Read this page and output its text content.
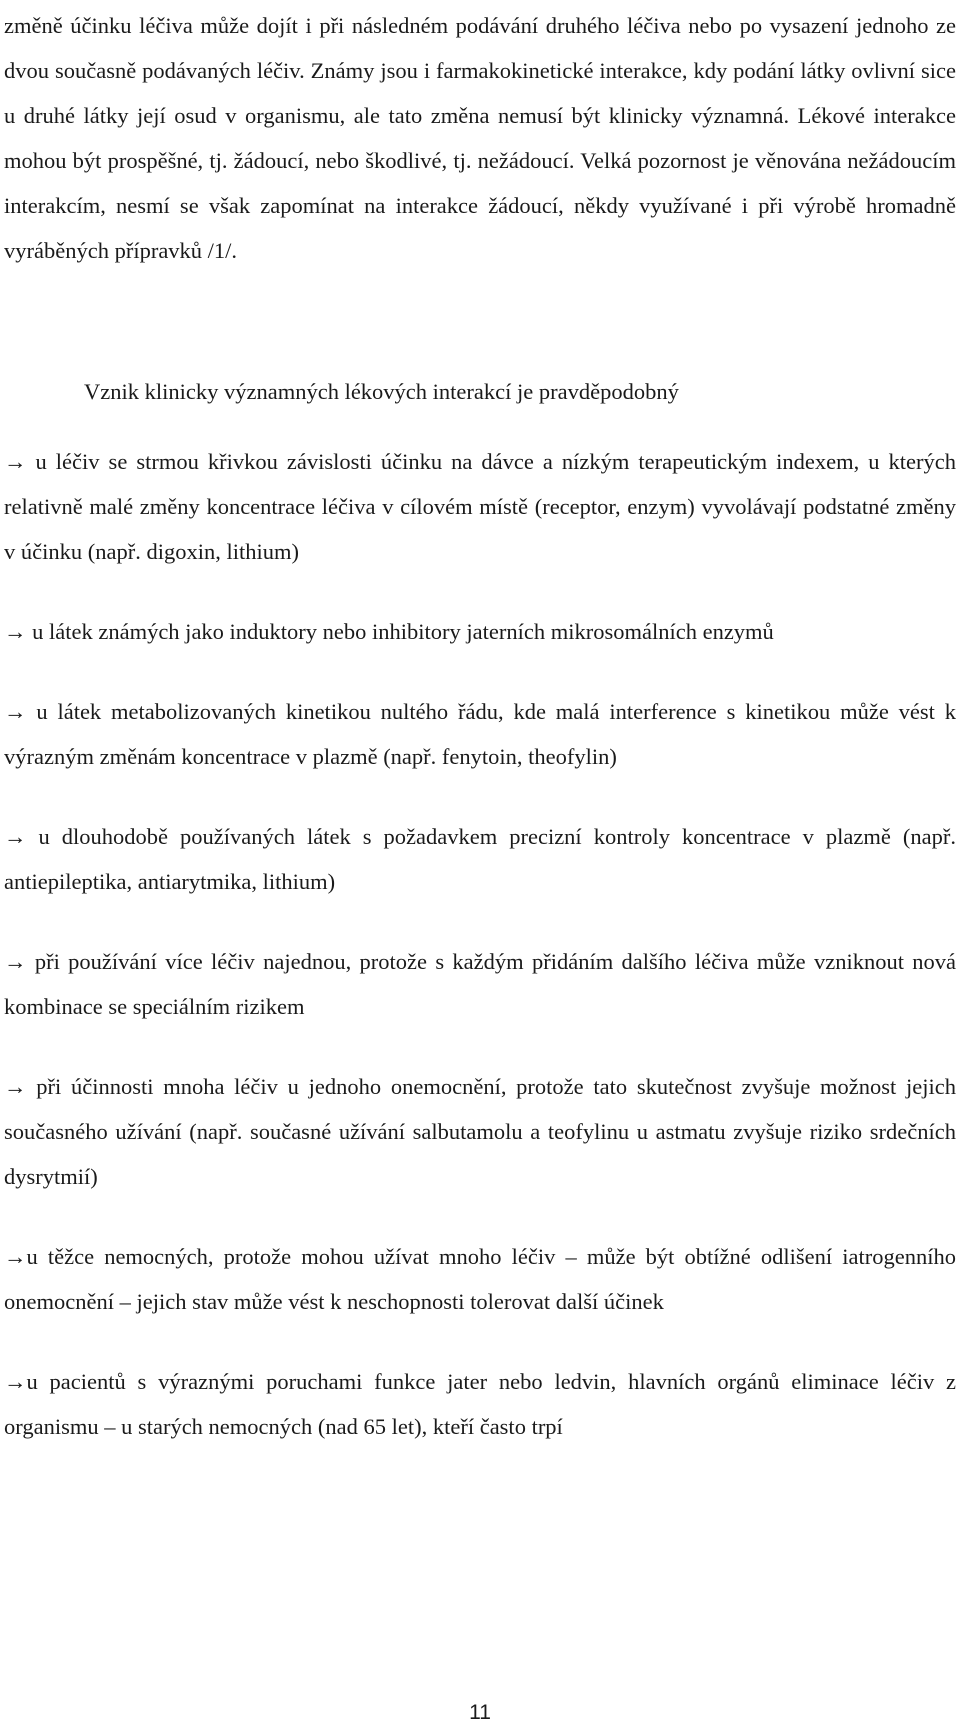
změně účinku léčiva může dojít i při následném podávání druhého léčiva nebo po vysazení jednoho ze dvou současně podávaných léčiv. Známy jsou i farmakokinetické interakce, kdy podání látky ovlivní sice u druhé látky její osud v organismu, ale tato změna nemusí být klinicky významná. Lékové interakce mohou být prospěšné, tj. žádoucí, nebo škodlivé, tj. nežádoucí. Velká pozornost je věnována nežádoucím interakcím, nesmí se však zapomínat na interakce žádoucí, někdy využívané i při výrobě hromadně vyráběných přípravků /1/.

Vznik klinicky významných lékových interakcí je pravděpodobný

→ u léčiv se strmou křivkou závislosti účinku na dávce a nízkým terapeutickým indexem, u kterých relativně malé změny koncentrace léčiva v cílovém místě (receptor, enzym) vyvolávají podstatné změny v účinku (např. digoxin, lithium)

→ u látek známých jako induktory nebo inhibitory jaterních mikrosomálních enzymů

→ u látek metabolizovaných kinetikou nultého řádu, kde malá interference s kinetikou může vést k výrazným změnám koncentrace v plazmě (např. fenytoin, theofylin)

→ u dlouhodobě používaných látek s požadavkem precizní kontroly koncentrace v plazmě (např. antiepileptika, antiarytmika, lithium)

→ při používání více léčiv najednou, protože s každým přidáním dalšího léčiva může vzniknout nová kombinace se speciálním rizikem

→ při účinnosti mnoha léčiv u jednoho onemocnění, protože tato skutečnost zvyšuje možnost jejich současného užívání (např. současné užívání salbutamolu a teofylinu u astmatu zvyšuje riziko srdečních dysrytmií)

→u těžce nemocných, protože mohou užívat mnoho léčiv – může být obtížné odlišení iatrogenního onemocnění – jejich stav může vést k neschopnosti tolerovat další účinek

→u pacientů s výraznými poruchami funkce jater nebo ledvin, hlavních orgánů eliminace léčiv z organismu – u starých nemocných (nad 65 let), kteří často trpí

11
